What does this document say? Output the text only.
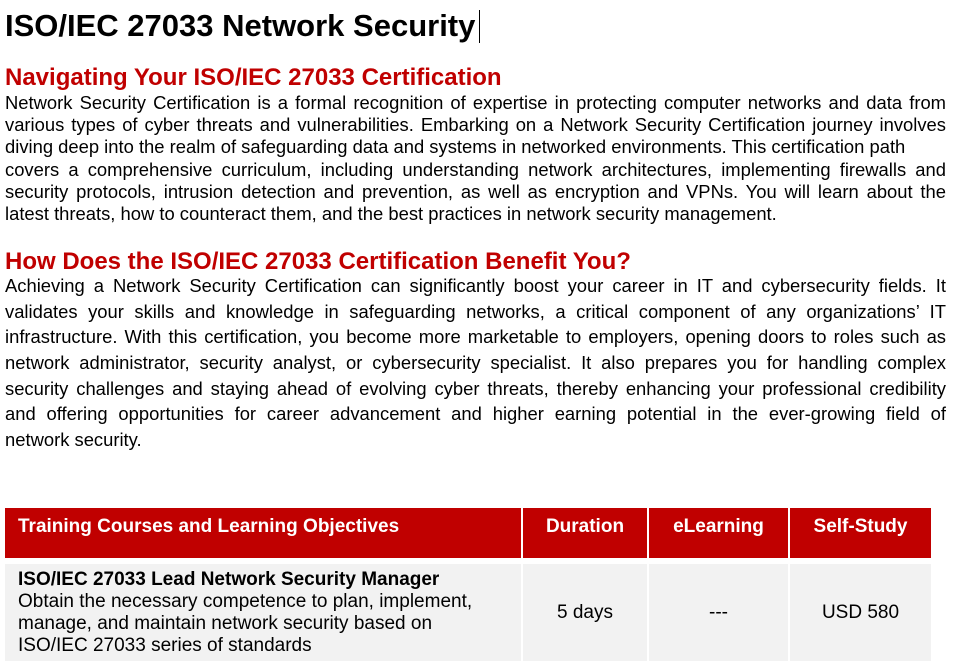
ISO/IEC 27033 Network Security
Navigating Your ISO/IEC 27033 Certification
Network Security Certification is a formal recognition of expertise in protecting computer networks and data from
various types of cyber threats and vulnerabilities. Embarking on a Network Security Certification journey involves
diving deep into the realm of safeguarding data and systems in networked environments. This certification path
covers a comprehensive curriculum, including understanding network architectures, implementing firewalls and
security protocols, intrusion detection and prevention, as well as encryption and VPNs. You will learn about the
latest threats, how to counteract them, and the best practices in network security management.
How Does the ISO/IEC 27033 Certification Benefit You?
Achieving a Network Security Certification can significantly boost your career in IT and cybersecurity fields. It
validates your skills and knowledge in safeguarding networks, a critical component of any organizations’ IT
infrastructure. With this certification, you become more marketable to employers, opening doors to roles such as
network administrator, security analyst, or cybersecurity specialist. It also prepares you for handling complex
security challenges and staying ahead of evolving cyber threats, thereby enhancing your professional credibility
and offering opportunities for career advancement and higher earning potential in the ever-growing field of
network security.
Training Courses and Learning Objectives	Duration	eLearning	Self-Study
ISO/IEC 27033 Lead Network Security Manager
Obtain the necessary competence to plan, implement,
manage, and maintain network security based on
ISO/IEC 27033 series of standards
5 days	---	USD 580
